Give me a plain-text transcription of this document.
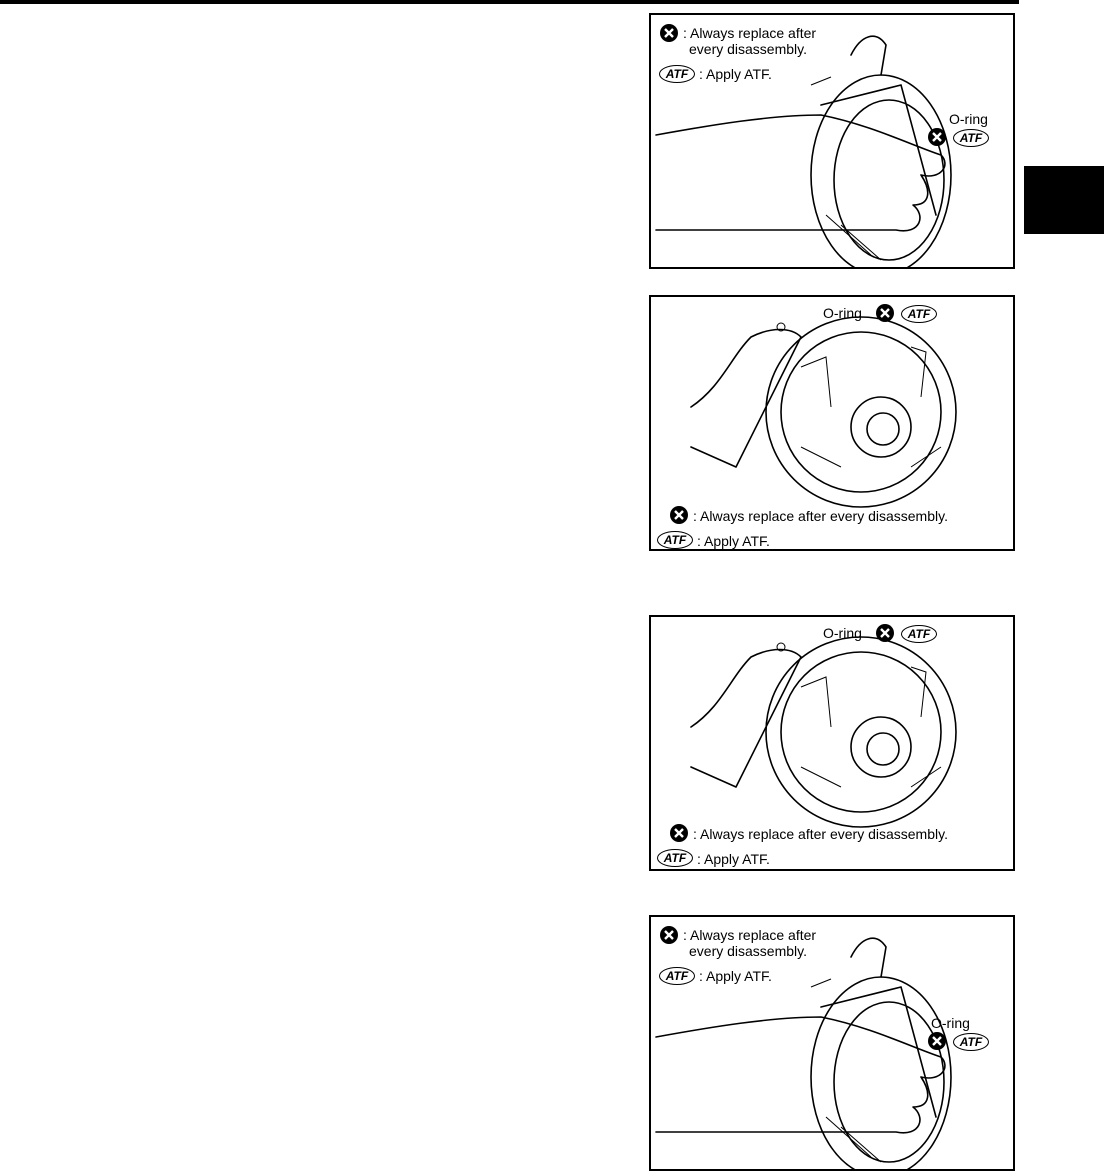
: Always replace after
every disassembly.
ATF : Apply ATF.
O-ring
ATF
O-ring	ATF
: Always replace after every disassembly.
ATF : Apply ATF.
O-ring	ATF
: Always replace after every disassembly.
ATF : Apply ATF.
: Always replace after
every disassembly.
ATF : Apply ATF.
O-ring
ATF
